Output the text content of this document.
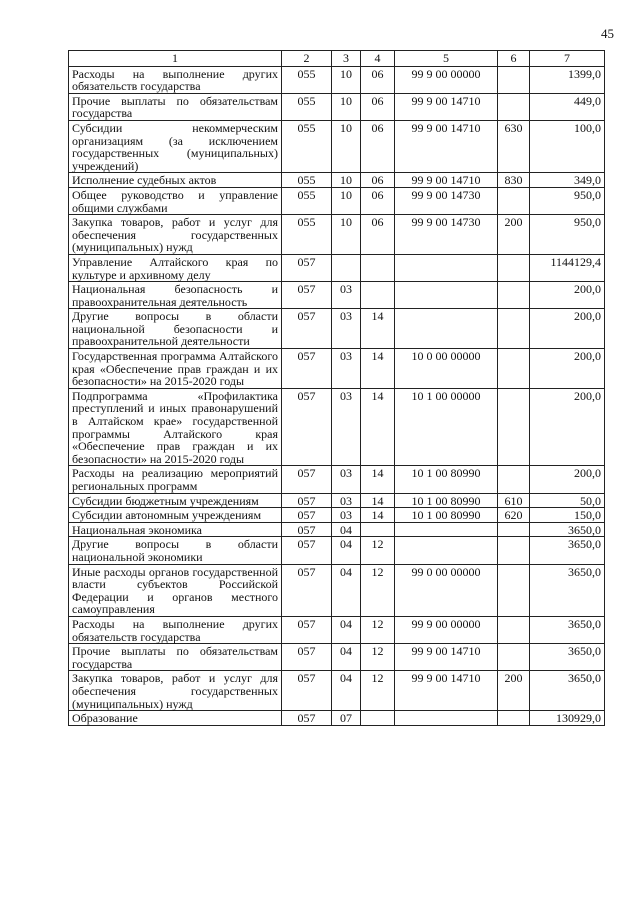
45
1	2	3	4	5	6	7
Расходы на выполнение других обязательств государства	055	10	06	99 9 00 00000		1399,0
Прочие выплаты по обязательствам государства	055	10	06	99 9 00 14710		449,0
Субсидии некоммерческим организациям (за исключением государственных (муниципальных) учреждений)	055	10	06	99 9 00 14710	630	100,0
Исполнение судебных актов	055	10	06	99 9 00 14710	830	349,0
Общее руководство и управление общими службами	055	10	06	99 9 00 14730		950,0
Закупка товаров, работ и услуг для обеспечения государственных (муниципальных) нужд	055	10	06	99 9 00 14730	200	950,0
Управление Алтайского края по культуре и архивному делу	057					1144129,4
Национальная безопасность и правоохранительная деятельность	057	03				200,0
Другие вопросы в области национальной безопасности и правоохранительной деятельности	057	03	14			200,0
Государственная программа Алтайского края «Обеспечение прав граждан и их безопасности» на 2015-2020 годы	057	03	14	10 0 00 00000		200,0
Подпрограмма «Профилактика преступлений и иных правонарушений в Алтайском крае» государственной программы Алтайского края «Обеспечение прав граждан и их безопасности» на 2015-2020 годы	057	03	14	10 1 00 00000		200,0
Расходы на реализацию мероприятий региональных программ	057	03	14	10 1 00 80990		200,0
Субсидии бюджетным учреждениям	057	03	14	10 1 00 80990	610	50,0
Субсидии автономным учреждениям	057	03	14	10 1 00 80990	620	150,0
Национальная экономика	057	04				3650,0
Другие вопросы в области национальной экономики	057	04	12			3650,0
Иные расходы органов государственной власти субъектов Российской Федерации и органов местного самоуправления	057	04	12	99 0 00 00000		3650,0
Расходы на выполнение других обязательств государства	057	04	12	99 9 00 00000		3650,0
Прочие выплаты по обязательствам государства	057	04	12	99 9 00 14710		3650,0
Закупка товаров, работ и услуг для обеспечения государственных (муниципальных) нужд	057	04	12	99 9 00 14710	200	3650,0
Образование	057	07				130929,0
